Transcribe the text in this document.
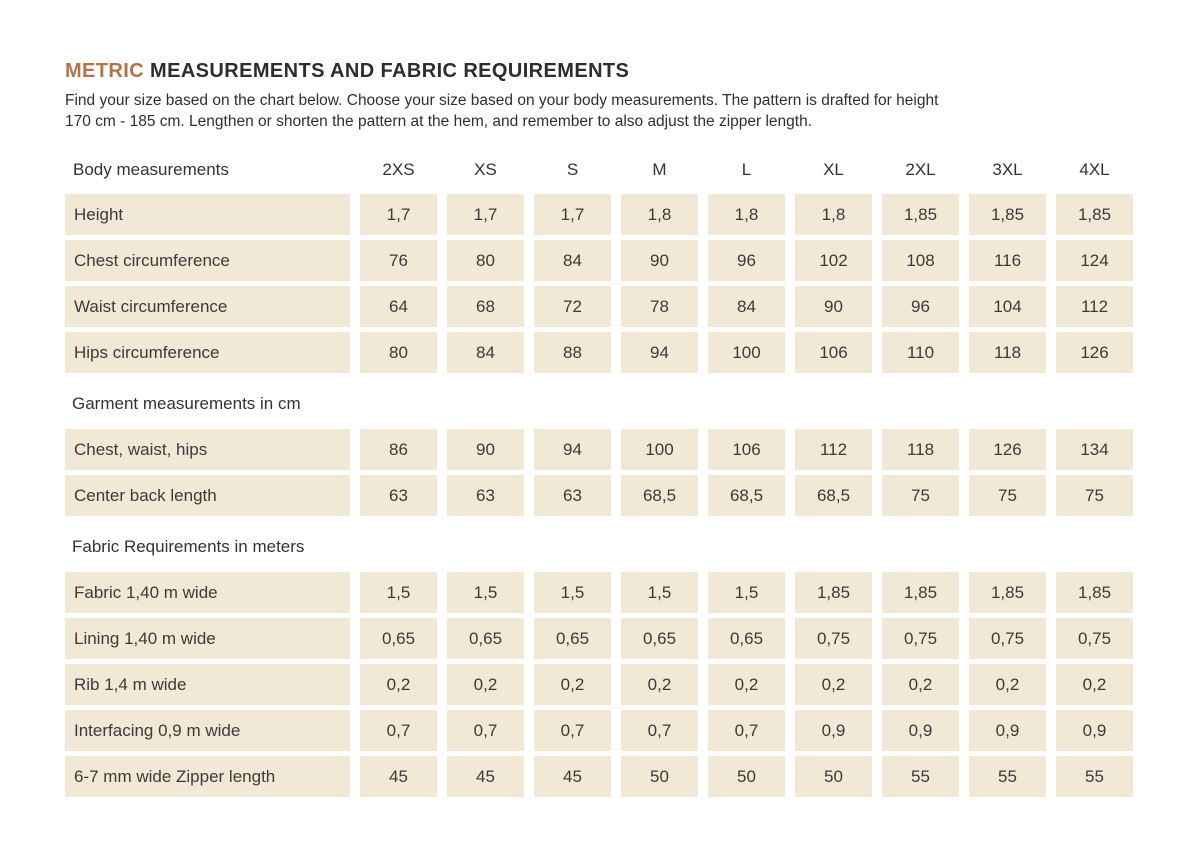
METRIC MEASUREMENTS AND FABRIC REQUIREMENTS
Find your size based on the chart below. Choose your size based on your body measurements. The pattern is drafted for height
170 cm - 185 cm. Lengthen or shorten the pattern at the hem, and remember to also adjust the zipper length.
Body measurements	2XS	XS	S	M	L	XL	2XL	3XL	4XL
Height	1,7	1,7	1,7	1,8	1,8	1,8	1,85	1,85	1,85
Chest circumference	76	80	84	90	96	102	108	116	124
Waist circumference	64	68	72	78	84	90	96	104	112
Hips circumference	80	84	88	94	100	106	110	118	126
Garment measurements in cm
Chest, waist, hips	86	90	94	100	106	112	118	126	134
Center back length	63	63	63	68,5	68,5	68,5	75	75	75
Fabric Requirements in meters
Fabric 1,40 m wide	1,5	1,5	1,5	1,5	1,5	1,85	1,85	1,85	1,85
Lining 1,40 m wide	0,65	0,65	0,65	0,65	0,65	0,75	0,75	0,75	0,75
Rib 1,4 m wide	0,2	0,2	0,2	0,2	0,2	0,2	0,2	0,2	0,2
Interfacing 0,9 m wide	0,7	0,7	0,7	0,7	0,7	0,9	0,9	0,9	0,9
6-7 mm wide Zipper length	45	45	45	50	50	50	55	55	55
